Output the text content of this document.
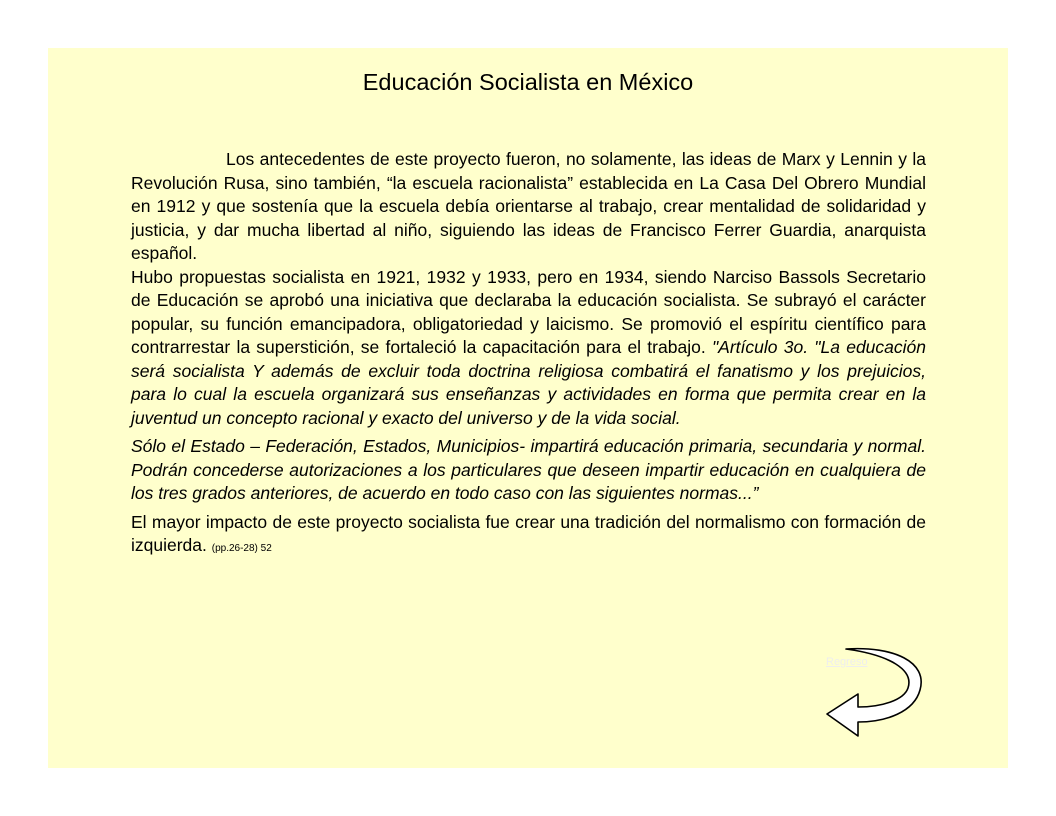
Educación Socialista en México

Los antecedentes de este proyecto fueron, no solamente, las ideas de Marx y Lennin y la Revolución Rusa, sino también, “la escuela racionalista” establecida en La Casa Del Obrero Mundial en 1912 y que sostenía que la escuela debía orientarse al trabajo, crear mentalidad de solidaridad y justicia, y dar mucha libertad al niño, siguiendo las ideas de Francisco Ferrer Guardia, anarquista español.

Hubo propuestas socialista en 1921, 1932 y 1933, pero en 1934, siendo Narciso Bassols Secretario de Educación se aprobó una iniciativa que declaraba la educación socialista. Se subrayó el carácter popular, su función emancipadora, obligatoriedad y laicismo. Se promovió el espíritu científico para contrarrestar la superstición, se fortaleció la capacitación para el trabajo. "Artículo 3o. "La educación será socialista Y además de excluir toda doctrina religiosa combatirá el fanatismo y los prejuicios, para lo cual la escuela organizará sus enseñanzas y actividades en forma que permita crear en la juventud un concepto racional y exacto del universo y de la vida social.

Sólo el Estado – Federación, Estados, Municipios- impartirá educación primaria, secundaria y normal. Podrán concederse autorizaciones a los particulares que deseen impartir educación en cualquiera de los tres grados anteriores, de acuerdo en todo caso con las siguientes normas...”

El mayor impacto de este proyecto socialista fue crear una tradición del normalismo con formación de izquierda. (pp.26-28) 52

Regreso
